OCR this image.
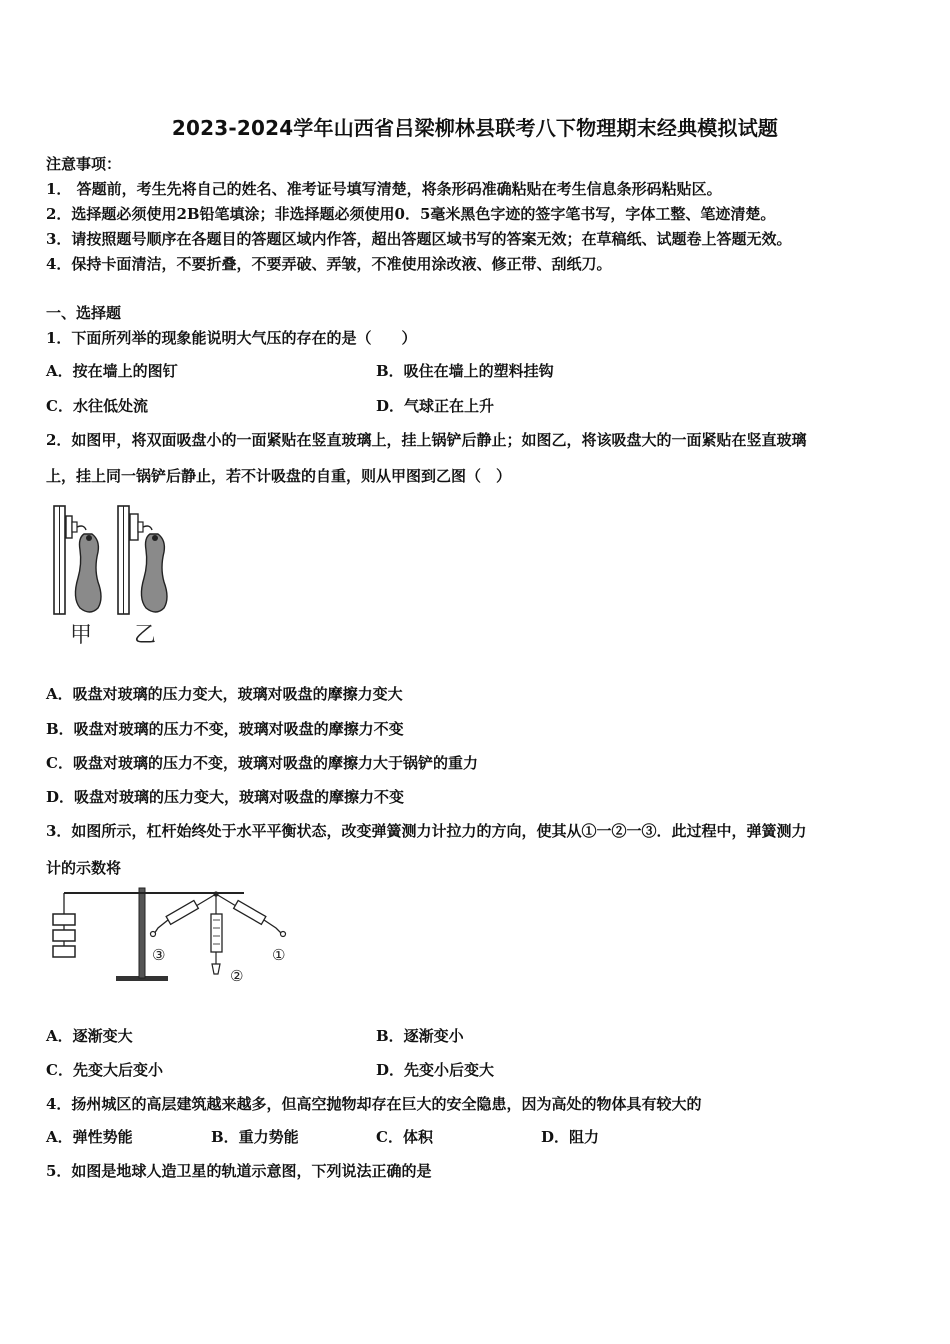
2023-2024学年山西省吕梁柳林县联考八下物理期末经典模拟试题
注意事项：
1． 答题前，考生先将自己的姓名、准考证号填写清楚，将条形码准确粘贴在考生信息条形码粘贴区。
2．选择题必须使用2B铅笔填涂；非选择题必须使用0．5毫米黑色字迹的签字笔书写，字体工整、笔迹清楚。
3．请按照题号顺序在各题目的答题区域内作答，超出答题区域书写的答案无效；在草稿纸、试题卷上答题无效。
4．保持卡面清洁，不要折叠，不要弄破、弄皱，不准使用涂改液、修正带、刮纸刀。
一、选择题
1．下面所列举的现象能说明大气压的存在的是（　　）
A．按在墙上的图钉	B．吸住在墙上的塑料挂钩
C．水往低处流	D．气球正在上升
2．如图甲，将双面吸盘小的一面紧贴在竖直玻璃上，挂上锅铲后静止；如图乙，将该吸盘大的一面紧贴在竖直玻璃
上，挂上同一锅铲后静止，若不计吸盘的自重，则从甲图到乙图（　）
甲 乙
A．吸盘对玻璃的压力变大，玻璃对吸盘的摩擦力变大
B．吸盘对玻璃的压力不变，玻璃对吸盘的摩擦力不变
C．吸盘对玻璃的压力不变，玻璃对吸盘的摩擦力大于锅铲的重力
D．吸盘对玻璃的压力变大，玻璃对吸盘的摩擦力不变
3．如图所示，杠杆始终处于水平平衡状态，改变弹簧测力计拉力的方向，使其从①一②一③．此过程中，弹簧测力
计的示数将
③
②
①
A．逐渐变大	B．逐渐变小
C．先变大后变小	D．先变小后变大
4．扬州城区的高层建筑越来越多，但高空抛物却存在巨大的安全隐患，因为高处的物体具有较大的
A．弹性势能	B．重力势能	C．体积	D．阻力
5．如图是地球人造卫星的轨道示意图，下列说法正确的是
